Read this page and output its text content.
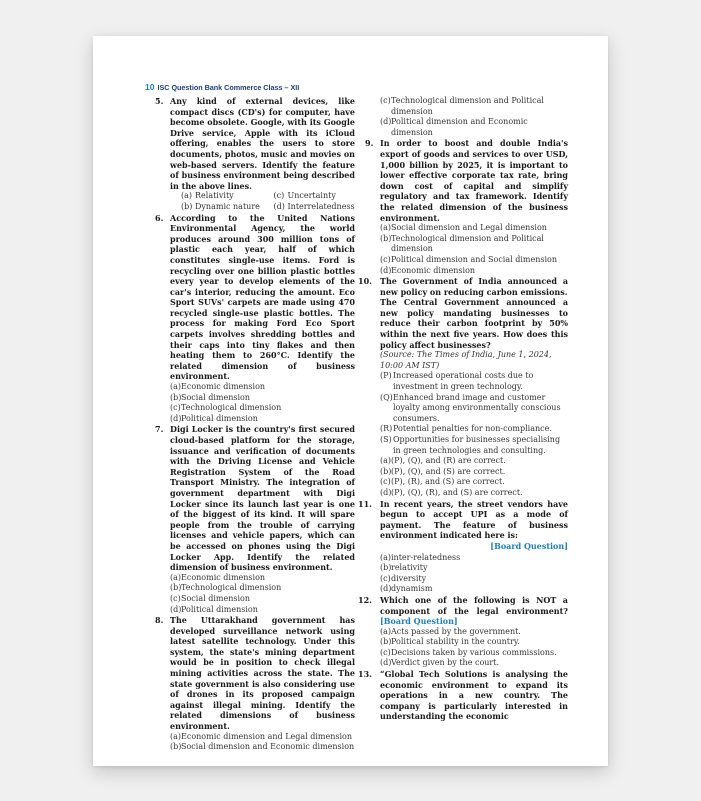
10 ISC Question Bank Commerce Class – XII
5. Any kind of external devices, like compact discs (CD's) for computer, have become obsolete. Google, with its Google Drive service, Apple with its iCloud offering, enables the users to store documents, photos, music and movies on web-based servers. Identify the feature of business environment being described in the above lines.
(a) Relativity	(c) Uncertainty
(b) Dynamic nature	(d) Interrelatedness
6. According to the United Nations Environmental Agency, the world produces around 300 million tons of plastic each year, half of which constitutes single-use items. Ford is recycling over one billion plastic bottles every year to develop elements of the car's interior, reducing the amount. Eco Sport SUVs' carpets are made using 470 recycled single-use plastic bottles. The process for making Ford Eco Sport carpets involves shredding bottles and their caps into tiny flakes and then heating them to 260°C. Identify the related dimension of business environment.
(a) Economic dimension
(b) Social dimension
(c) Technological dimension
(d) Political dimension
7. Digi Locker is the country's first secured cloud-based platform for the storage, issuance and verification of documents with the Driving License and Vehicle Registration System of the Road Transport Ministry. The integration of government department with Digi Locker since its launch last year is one of the biggest of its kind. It will spare people from the trouble of carrying licenses and vehicle papers, which can be accessed on phones using the Digi Locker App. Identify the related dimension of business environment.
(a) Economic dimension
(b) Technological dimension
(c) Social dimension
(d) Political dimension
8. The Uttarakhand government has developed surveillance network using latest satellite technology. Under this system, the state's mining department would be in position to check illegal mining activities across the state. The state government is also considering use of drones in its proposed campaign against illegal mining. Identify the related dimensions of business environment.
(a) Economic dimension and Legal dimension
(b) Social dimension and Economic dimension
(c) Technological dimension and Political dimension
(d) Political dimension and Economic dimension
9. In order to boost and double India's export of goods and services to over USD, 1,000 billion by 2025, it is important to lower effective corporate tax rate, bring down cost of capital and simplify regulatory and tax framework. Identify the related dimension of the business environment.
(a) Social dimension and Legal dimension
(b) Technological dimension and Political dimension
(c) Political dimension and Social dimension
(d) Economic dimension
10. The Government of India announced a new policy on reducing carbon emissions.
The Central Government announced a new policy mandating businesses to reduce their carbon footprint by 50% within the next five years. How does this policy affect businesses?
(Source: The Times of India, June 1, 2024, 10:00 AM IST)
(P) Increased operational costs due to investment in green technology.
(Q) Enhanced brand image and customer loyalty among environmentally conscious consumers.
(R) Potential penalties for non-compliance.
(S) Opportunities for businesses specialising in green technologies and consulting.
(a) (P), (Q), and (R) are correct.
(b) (P), (Q), and (S) are correct.
(c) (P), (R), and (S) are correct.
(d) (P), (Q), (R), and (S) are correct.
11. In recent years, the street vendors have begun to accept UPI as a mode of payment. The feature of business environment indicated here is:
[Board Question]
(a) inter-relatedness
(b) relativity
(c) diversity
(d) dynamism
12. Which one of the following is NOT a component of the legal environment? [Board Question]
(a) Acts passed by the government.
(b) Political stability in the country.
(c) Decisions taken by various commissions.
(d) Verdict given by the court.
13. “Global Tech Solutions is analysing the economic environment to expand its operations in a new country. The company is particularly interested in understanding the economic
